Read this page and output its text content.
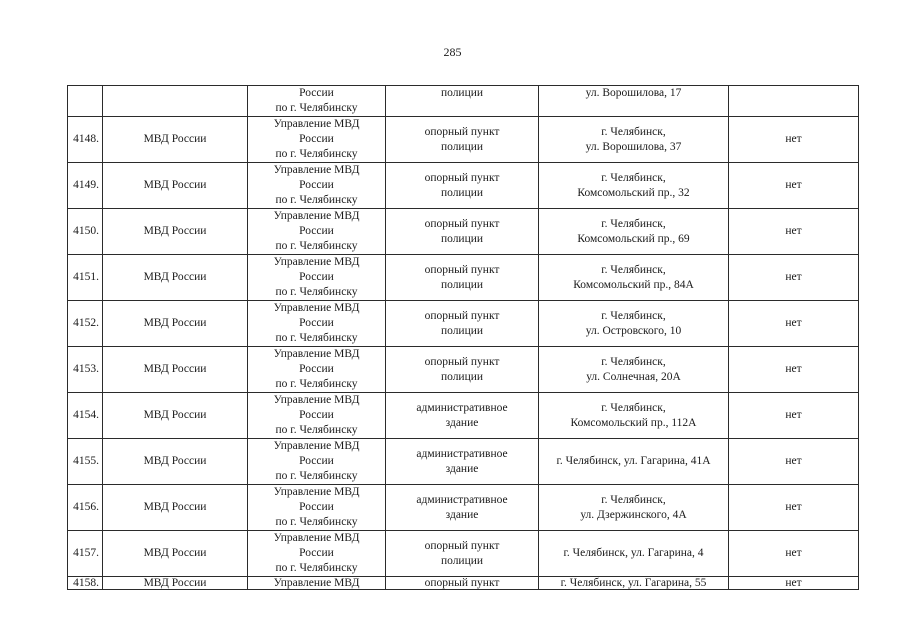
285

		России
по г. Челябинску	полиции	ул. Ворошилова, 17	

4148.	МВД России	Управление МВД
России
по г. Челябинску	опорный пункт
полиции	г. Челябинск,
ул. Ворошилова, 37	нет
4149.	МВД России	Управление МВД
России
по г. Челябинску	опорный пункт
полиции	г. Челябинск,
Комсомольский пр., 32	нет
4150.	МВД России	Управление МВД
России
по г. Челябинску	опорный пункт
полиции	г. Челябинск,
Комсомольский пр., 69	нет
4151.	МВД России	Управление МВД
России
по г. Челябинску	опорный пункт
полиции	г. Челябинск,
Комсомольский пр., 84А	нет
4152.	МВД России	Управление МВД
России
по г. Челябинску	опорный пункт
полиции	г. Челябинск,
ул. Островского, 10	нет
4153.	МВД России	Управление МВД
России
по г. Челябинску	опорный пункт
полиции	г. Челябинск,
ул. Солнечная, 20А	нет
4154.	МВД России	Управление МВД
России
по г. Челябинску	административное
здание	г. Челябинск,
Комсомольский пр., 112А	нет
4155.	МВД России	Управление МВД
России
по г. Челябинску	административное
здание	г. Челябинск, ул. Гагарина, 41А	нет
4156.	МВД России	Управление МВД
России
по г. Челябинску	административное
здание	г. Челябинск,
ул. Дзержинского, 4А	нет
4157.	МВД России	Управление МВД
России
по г. Челябинску	опорный пункт
полиции	г. Челябинск, ул. Гагарина, 4	нет
4158.	МВД России	Управление МВД	опорный пункт	г. Челябинск, ул. Гагарина, 55	нет
